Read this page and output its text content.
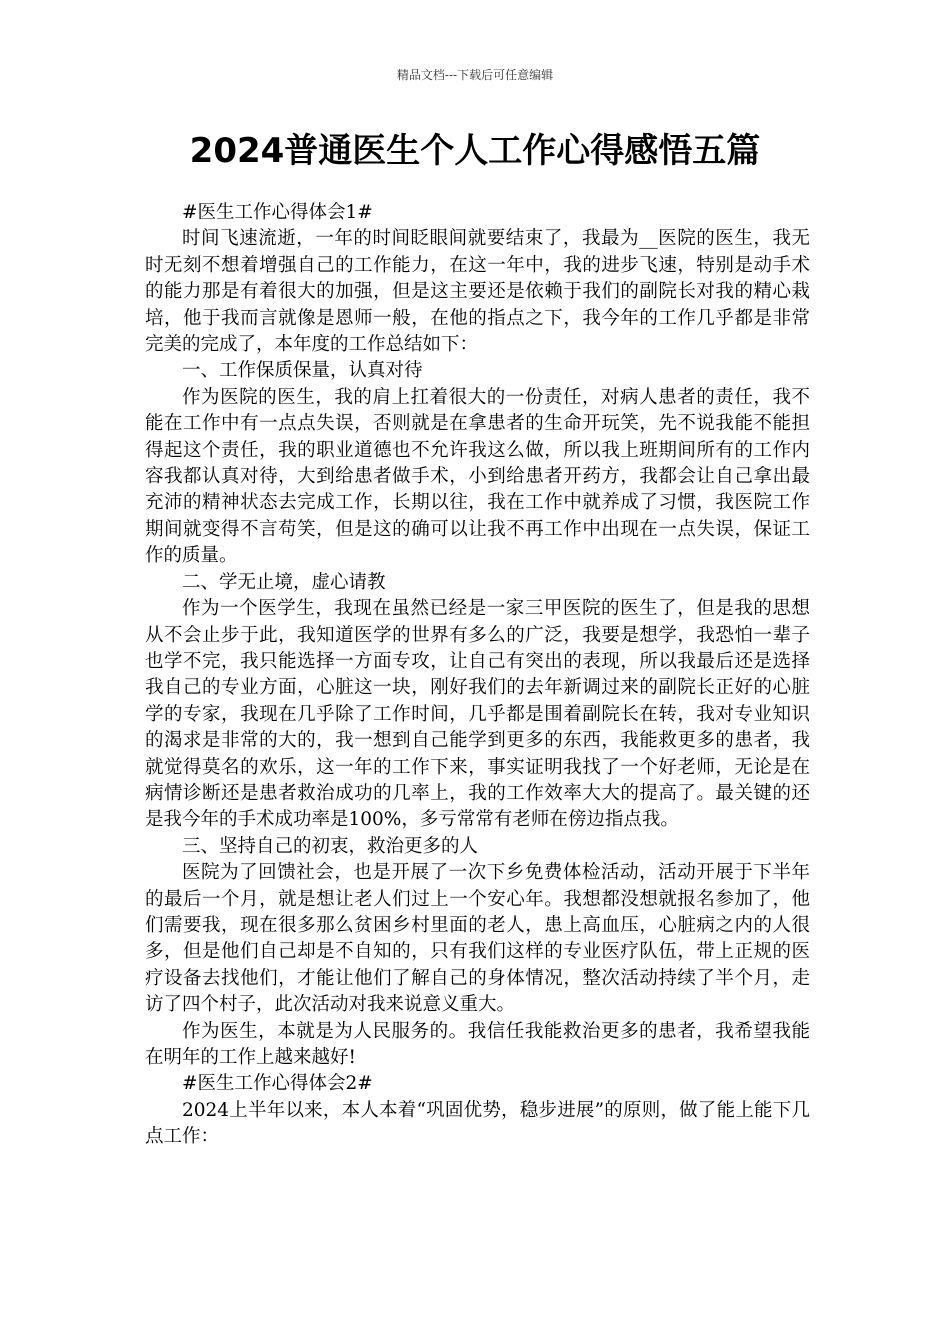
精品文档---下载后可任意编辑
2024普通医生个人工作心得感悟五篇

#医生工作心得体会1#

时间飞速流逝，一年的时间眨眼间就要结束了，我最为__医院的医生，我无时无刻不想着增强自己的工作能力，在这一年中，我的进步飞速，特别是动手术的能力那是有着很大的加强，但是这主要还是依赖于我们的副院长对我的精心栽培，他于我而言就像是恩师一般，在他的指点之下，我今年的工作几乎都是非常完美的完成了，本年度的工作总结如下：

一、工作保质保量，认真对待

作为医院的医生，我的肩上扛着很大的一份责任，对病人患者的责任，我不能在工作中有一点点失误，否则就是在拿患者的生命开玩笑，先不说我能不能担得起这个责任，我的职业道德也不允许我这么做，所以我上班期间所有的工作内容我都认真对待，大到给患者做手术，小到给患者开药方，我都会让自己拿出最充沛的精神状态去完成工作，长期以往，我在工作中就养成了习惯，我医院工作期间就变得不言苟笑，但是这的确可以让我不再工作中出现在一点失误，保证工作的质量。

二、学无止境，虚心请教

作为一个医学生，我现在虽然已经是一家三甲医院的医生了，但是我的思想从不会止步于此，我知道医学的世界有多么的广泛，我要是想学，我恐怕一辈子也学不完，我只能选择一方面专攻，让自己有突出的表现，所以我最后还是选择我自己的专业方面，心脏这一块，刚好我们的去年新调过来的副院长正好的心脏学的专家，我现在几乎除了工作时间，几乎都是围着副院长在转，我对专业知识的渴求是非常的大的，我一想到自己能学到更多的东西，我能救更多的患者，我就觉得莫名的欢乐，这一年的工作下来，事实证明我找了一个好老师，无论是在病情诊断还是患者救治成功的几率上，我的工作效率大大的提高了。最关键的还是我今年的手术成功率是100%，多亏常常有老师在傍边指点我。

三、坚持自己的初衷，救治更多的人

医院为了回馈社会，也是开展了一次下乡免费体检活动，活动开展于下半年的最后一个月，就是想让老人们过上一个安心年。我想都没想就报名参加了，他们需要我，现在很多那么贫困乡村里面的老人，患上高血压，心脏病之内的人很多，但是他们自己却是不自知的，只有我们这样的专业医疗队伍，带上正规的医疗设备去找他们，才能让他们了解自己的身体情况，整次活动持续了半个月，走访了四个村子，此次活动对我来说意义重大。

作为医生，本就是为人民服务的。我信任我能救治更多的患者，我希望我能在明年的工作上越来越好!

#医生工作心得体会2#

2024上半年以来，本人本着“巩固优势，稳步进展”的原则，做了能上能下几点工作：
